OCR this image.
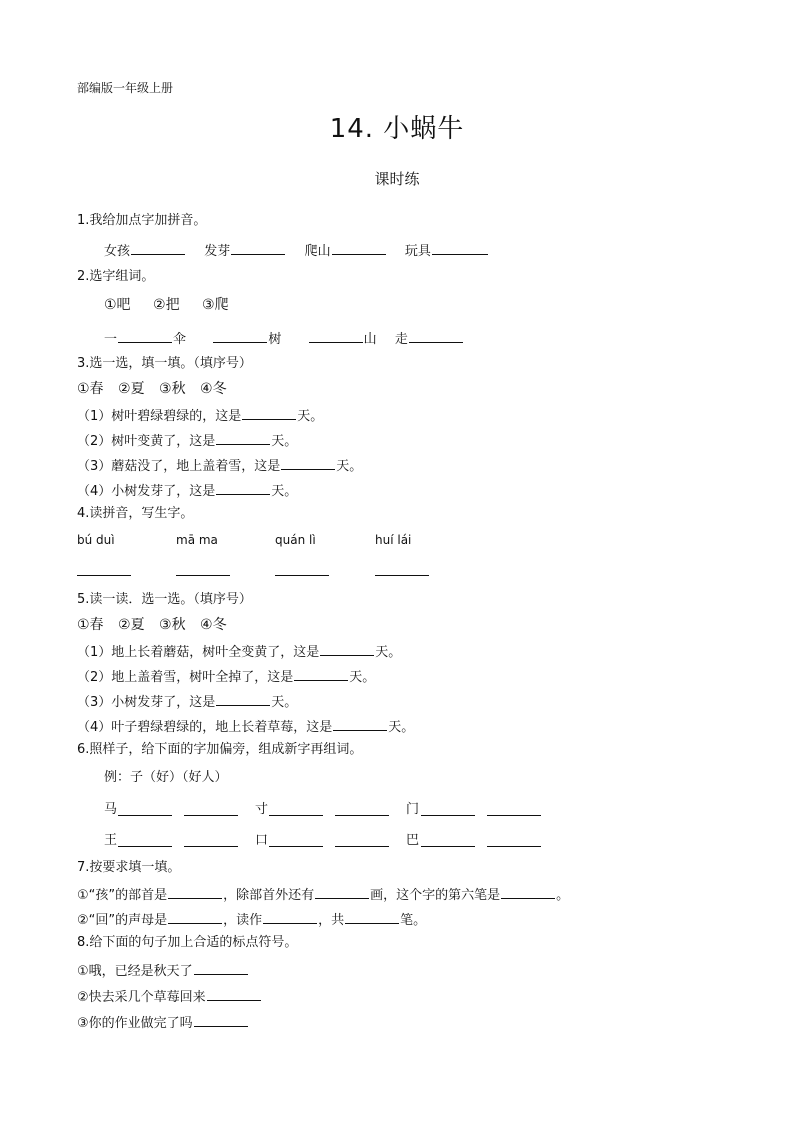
部编版一年级上册
14. 小蜗牛
课时练
1.我给加点字加拼音。
女孩	发芽	爬山	玩具
2.选字组词。
①吧 ②把 ③爬
一	伞	树	山 走
3.选一选，填一填。（填序号）
①春 ②夏 ③秋 ④冬
（1）树叶碧绿碧绿的，这是	天。
（2）树叶变黄了，这是	天。
（3）蘑菇没了，地上盖着雪，这是	天。
（4）小树发芽了，这是	天。
4.读拼音，写生字。
bú duì	mā ma	quán lì	huí lái
5.读一读．选一选。（填序号）
①春 ②夏 ③秋 ④冬
（1）地上长着蘑菇，树叶全变黄了，这是	天。
（2）地上盖着雪，树叶全掉了，这是	天。
（3）小树发芽了，这是	天。
（4）叶子碧绿碧绿的，地上长着草莓，这是	天。
6.照样子，给下面的字加偏旁，组成新字再组词。
例：子（好）（好人）
马	寸	门
王	口	巴
7.按要求填一填。
①“孩”的部首是	，除部首外还有	画，这个字的第六笔是	。
②“回”的声母是	，读作	，共	笔。
8.给下面的句子加上合适的标点符号。
①哦，已经是秋天了
②快去采几个草莓回来
③你的作业做完了吗
